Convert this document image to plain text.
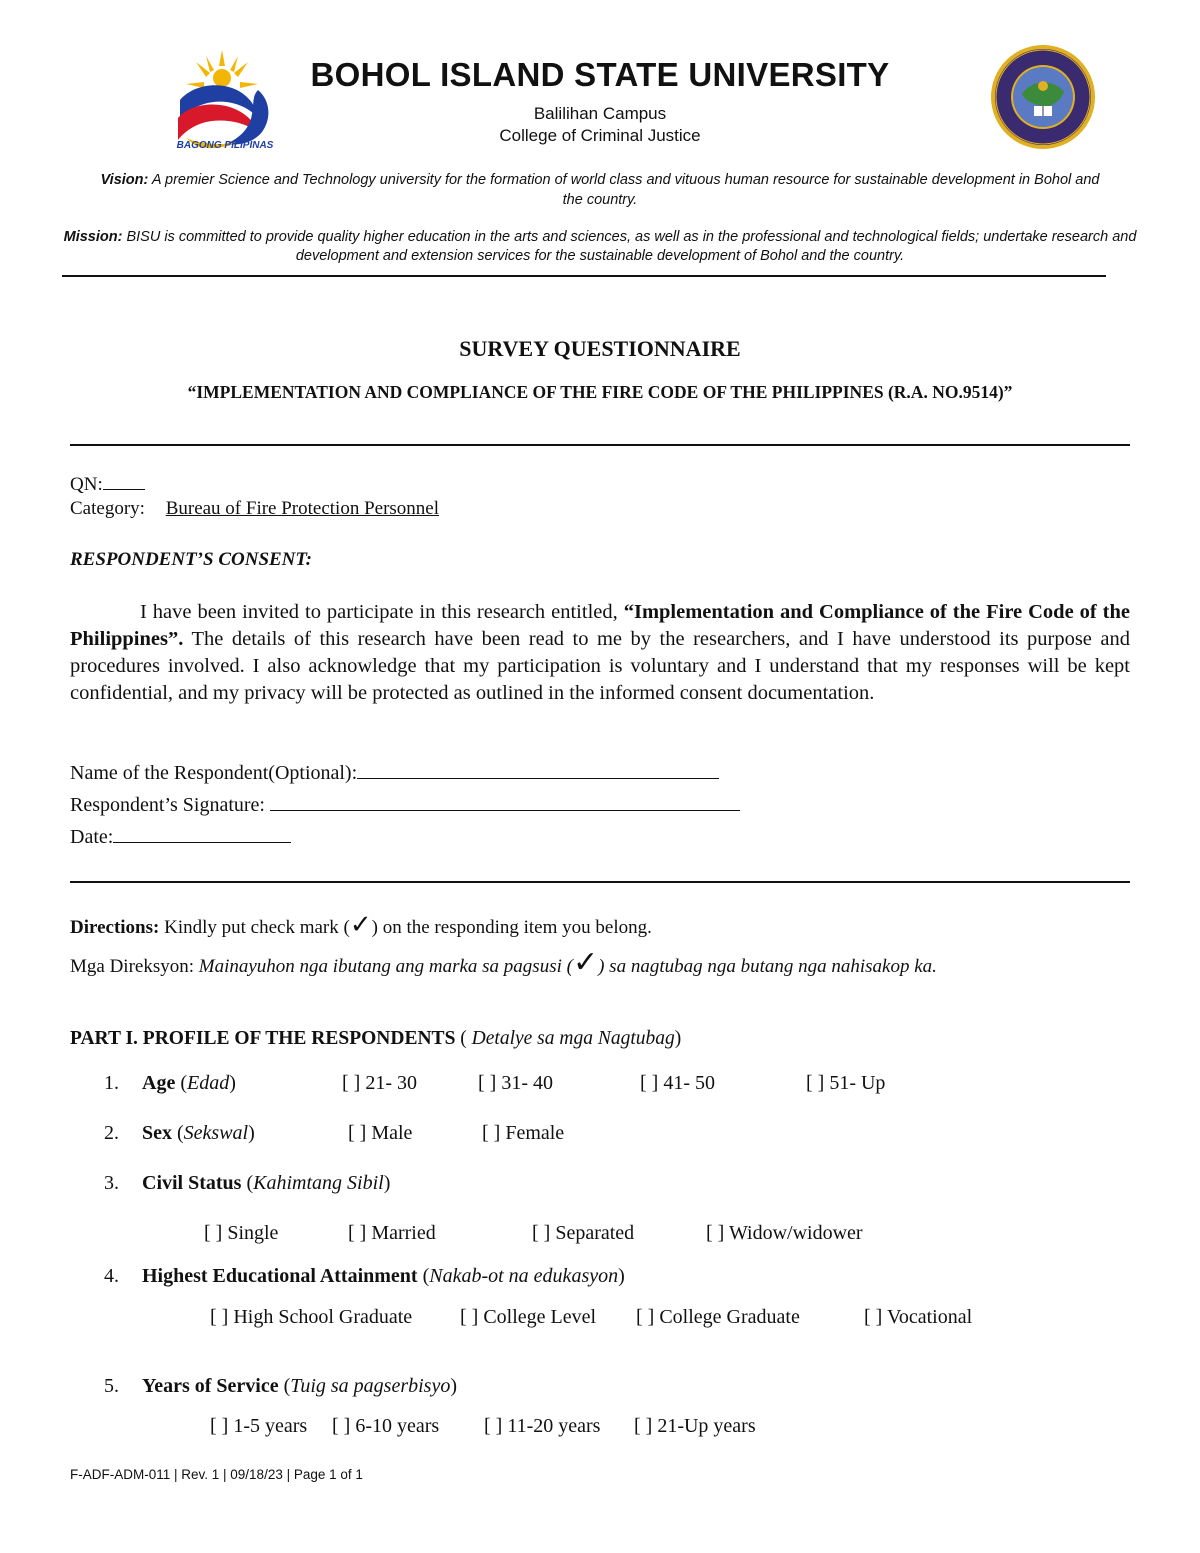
BAGONG PILIPINAS
2009
BOHOL ISLAND STATE UNIVERSITY
Balilihan Campus
College of Criminal Justice
Vision: A premier Science and Technology university for the formation of world class and vituous human resource for sustainable development in Bohol and the country.
Mission: BISU is committed to provide quality higher education in the arts and sciences, as well as in the professional and technological fields; undertake research and development and extension services for the sustainable development of Bohol and the country.
SURVEY QUESTIONNAIRE
“IMPLEMENTATION AND COMPLIANCE OF THE FIRE CODE OF THE PHILIPPINES (R.A. NO.9514)”
QN:
Category: Bureau of Fire Protection Personnel
RESPONDENT’S CONSENT:
I have been invited to participate in this research entitled, “Implementation and Compliance of the Fire Code of the Philippines”. The details of this research have been read to me by the researchers, and I have understood its purpose and procedures involved. I also acknowledge that my participation is voluntary and I understand that my responses will be kept confidential, and my privacy will be protected as outlined in the informed consent documentation.
Name of the Respondent(Optional):
Respondent’s Signature:
Date:
Directions: Kindly put check mark (✓) on the responding item you belong.
Mga Direksyon: Mainayuhon nga ibutang ang marka sa pagsusi (✓) sa nagtubag nga butang nga nahisakop ka.
PART I. PROFILE OF THE RESPONDENTS ( Detalye sa mga Nagtubag)
1. Age (Edad)	[ ] 21- 30	[ ] 31- 40	[ ] 41- 50	[ ] 51- Up
2. Sex (Sekswal)	[ ] Male	[ ] Female
3. Civil Status (Kahimtang Sibil)
[ ] Single	[ ] Married	[ ] Separated	[ ] Widow/widower
4. Highest Educational Attainment (Nakab-ot na edukasyon)
[ ] High School Graduate [ ] College Level [ ] College Graduate	[ ] Vocational
5. Years of Service (Tuig sa pagserbisyo)
[ ] 1-5 years [ ] 6-10 years [ ] 11-20 years [ ] 21-Up years
F-ADF-ADM-011 | Rev. 1 | 09/18/23 | Page 1 of 1
